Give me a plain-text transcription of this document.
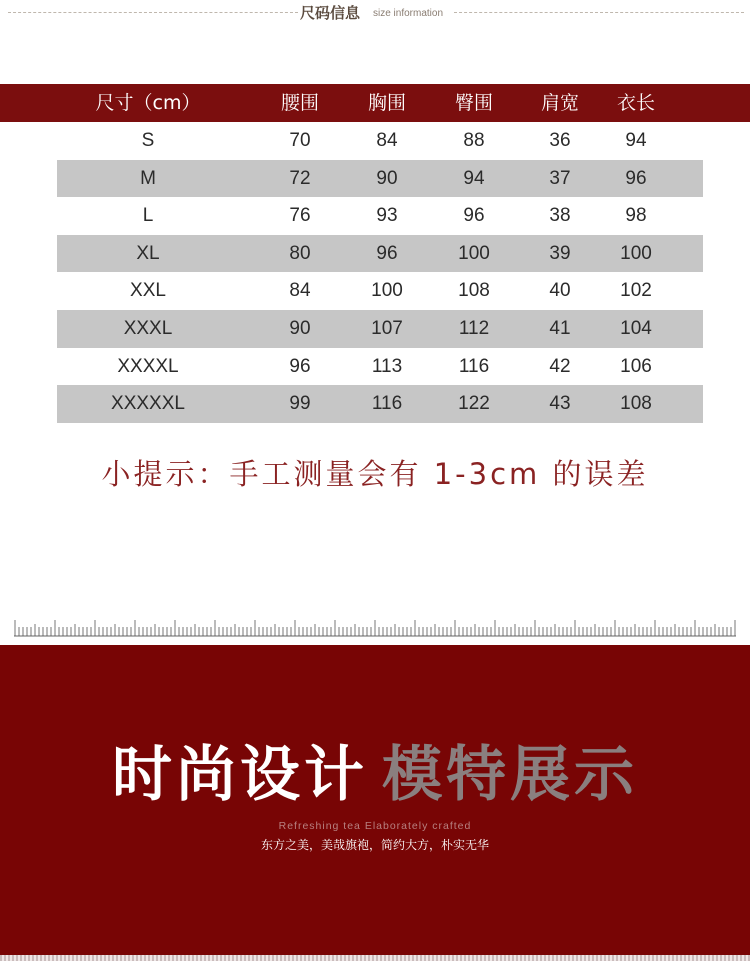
尺码信息 size information
尺寸（cm）	腰围	胸围	臀围	肩宽 衣长
S	70	84	88	36	94
M	72	90	94	37	96
L	76	93	96	38	98
XL	80	96	100	39	100
XXL	84	100	108	40	102
XXXL	90	107	112	41	104
XXXXL	96	113	116	42	106
XXXXXL	99	116	122	43	108
小提示：手工测量会有 1-3cm 的误差
时尚设计 模特展示
Refreshing tea Elaborately crafted
东方之美，美哉旗袍，简约大方，朴实无华
